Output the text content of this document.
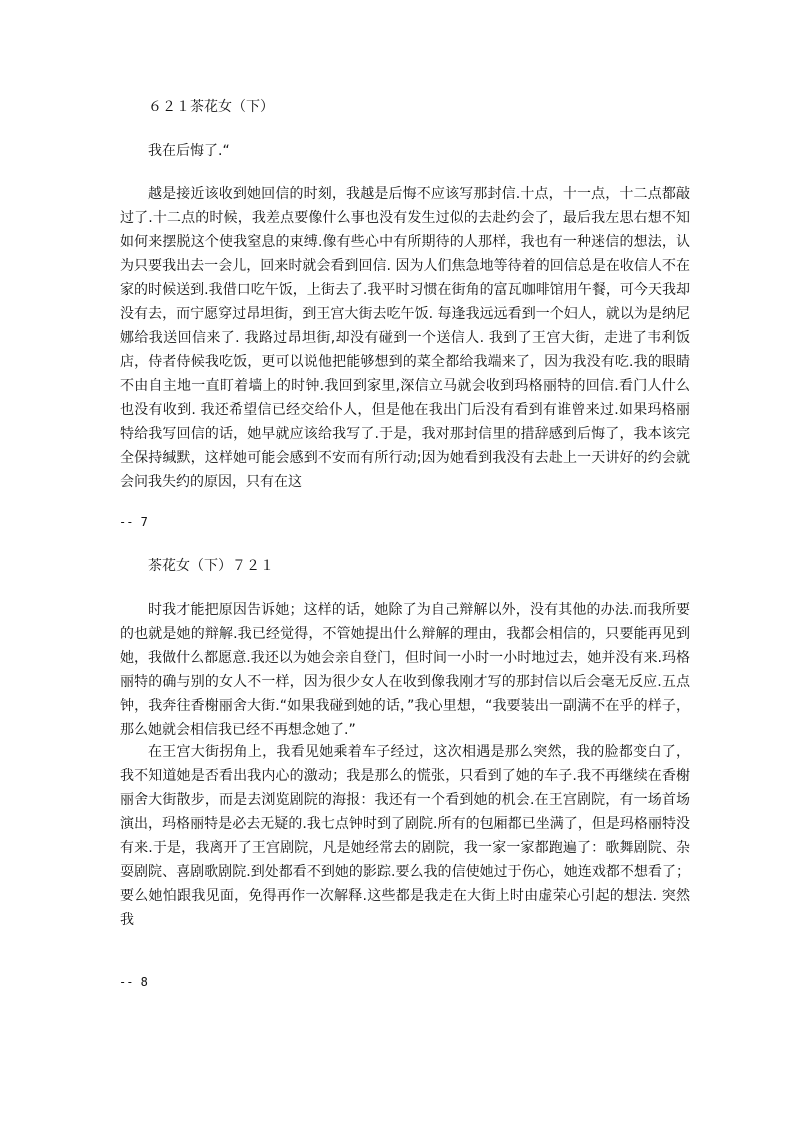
６２１茶花女（下）

我在后悔了.“

越是接近该收到她回信的时刻，我越是后悔不应该写那封信.十点，十一点，十二点都敲过了.十二点的时候，我差点要像什么事也没有发生过似的去赴约会了，最后我左思右想不知如何来摆脱这个使我窒息的束缚.像有些心中有所期待的人那样，我也有一种迷信的想法，认为只要我出去一会儿，回来时就会看到回信. 因为人们焦急地等待着的回信总是在收信人不在家的时候送到.我借口吃午饭，上街去了.我平时习惯在街角的富瓦咖啡馆用午餐，可今天我却没有去，而宁愿穿过昂坦街，到王宫大街去吃午饭. 每逢我远远看到一个妇人，就以为是纳尼娜给我送回信来了. 我路过昂坦街,却没有碰到一个送信人. 我到了王宫大街，走进了韦利饭店，侍者侍候我吃饭，更可以说他把能够想到的菜全都给我端来了，因为我没有吃.我的眼睛不由自主地一直盯着墙上的时钟.我回到家里,深信立马就会收到玛格丽特的回信.看门人什么也没有收到. 我还希望信已经交给仆人，但是他在我出门后没有看到有谁曾来过.如果玛格丽特给我写回信的话，她早就应该给我写了.于是，我对那封信里的措辞感到后悔了，我本该完全保持缄默，这样她可能会感到不安而有所行动;因为她看到我没有去赴上一天讲好的约会就会问我失约的原因，只有在这

-- 7

茶花女（下）７２１

时我才能把原因告诉她；这样的话，她除了为自己辩解以外，没有其他的办法.而我所要的也就是她的辩解.我已经觉得，不管她提出什么辩解的理由，我都会相信的，只要能再见到她，我做什么都愿意.我还以为她会亲自登门，但时间一小时一小时地过去，她并没有来.玛格丽特的确与别的女人不一样，因为很少女人在收到像我刚才写的那封信以后会毫无反应.五点钟，我奔往香榭丽舍大街.“如果我碰到她的话，”我心里想，“我要装出一副满不在乎的样子，那么她就会相信我已经不再想念她了.”

在王宫大街拐角上，我看见她乘着车子经过，这次相遇是那么突然，我的脸都变白了，我不知道她是否看出我内心的激动；我是那么的慌张，只看到了她的车子.我不再继续在香榭丽舍大街散步，而是去浏览剧院的海报：我还有一个看到她的机会.在王宫剧院，有一场首场演出，玛格丽特是必去无疑的.我七点钟时到了剧院.所有的包厢都已坐满了，但是玛格丽特没有来.于是，我离开了王宫剧院，凡是她经常去的剧院，我一家一家都跑遍了：歌舞剧院、杂耍剧院、喜剧歌剧院.到处都看不到她的影踪.要么我的信使她过于伤心，她连戏都不想看了；要么她怕跟我见面，免得再作一次解释.这些都是我走在大街上时由虚荣心引起的想法. 突然我

-- 8
